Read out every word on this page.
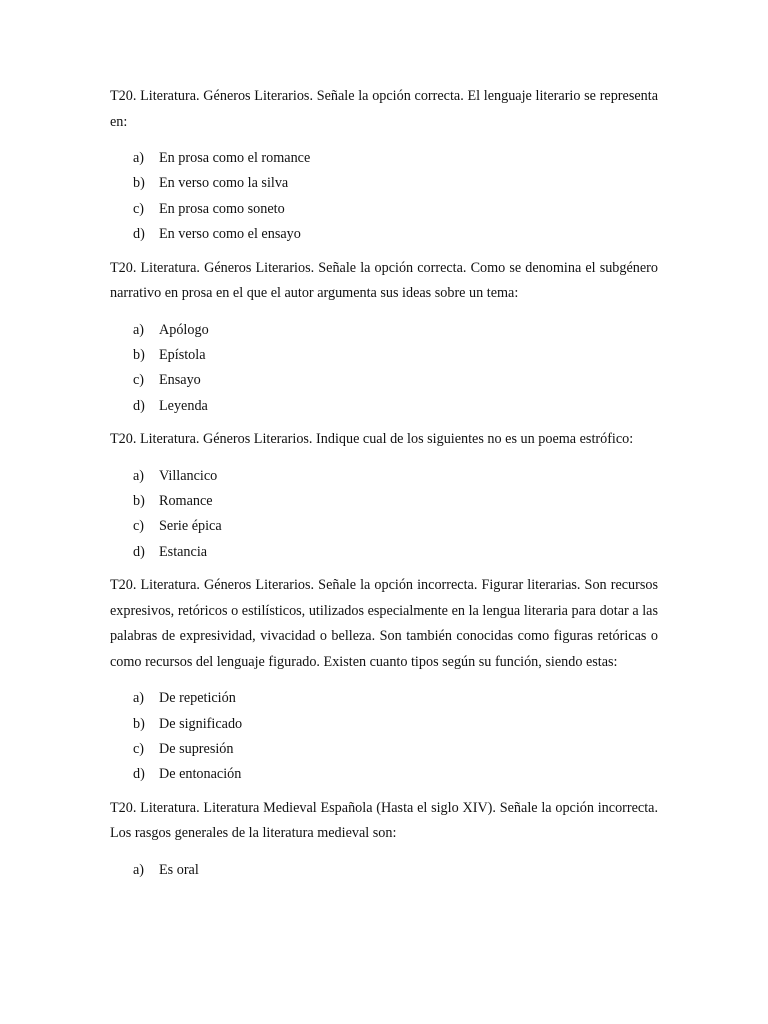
T20. Literatura. Géneros Literarios. Señale la opción correcta. El lenguaje literario se representa en:

a)	En prosa como el romance
b) En verso como la silva
c)	En prosa como soneto
d) En verso como el ensayo

T20. Literatura. Géneros Literarios. Señale la opción correcta. Como se denomina el subgénero narrativo en prosa en el que el autor argumenta sus ideas sobre un tema:

a)	Apólogo
b) Epístola
c)	Ensayo
d) Leyenda

T20. Literatura. Géneros Literarios. Indique cual de los siguientes no es un poema estrófico:

a)	Villancico
b) Romance
c)	Serie épica
d) Estancia

T20. Literatura. Géneros Literarios. Señale la opción incorrecta. Figurar literarias. Son recursos expresivos, retóricos o estilísticos, utilizados especialmente en la lengua literaria para dotar a las palabras de expresividad, vivacidad o belleza. Son también conocidas como figuras retóricas o como recursos del lenguaje figurado. Existen cuanto tipos según su función, siendo estas:

a)	De repetición
b) De significado
c)	De supresión
d) De entonación

T20. Literatura. Literatura Medieval Española (Hasta el siglo XIV). Señale la opción incorrecta. Los rasgos generales de la literatura medieval son:

a)	Es oral
